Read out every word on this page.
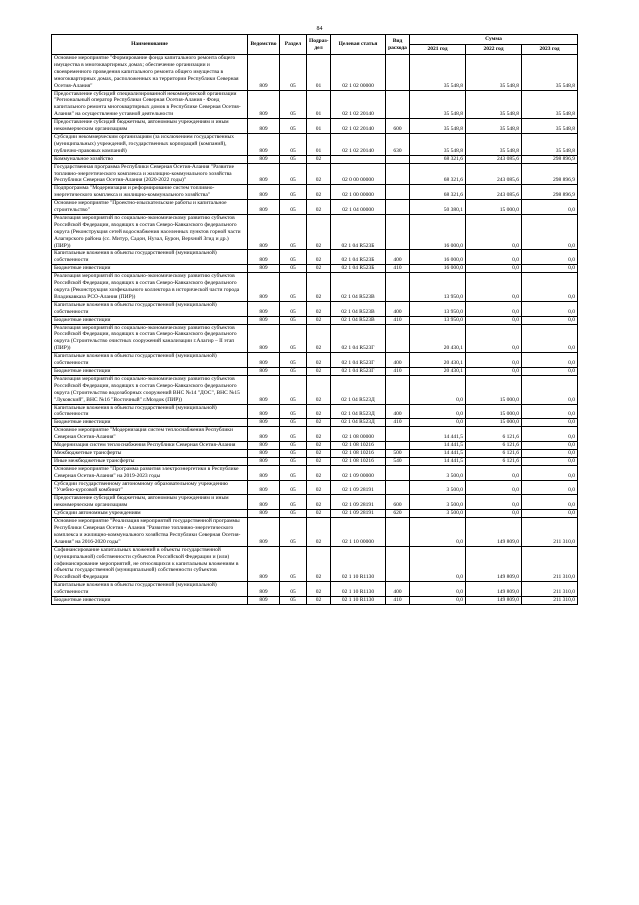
84
Наименование	Ведомство	Раздел	Подраз-
дел	Целевая статья	Вид расхода	Сумма		
						2021 год	2022 год	2023 год
Основное мероприятие "Формирование фонда капитального ремонта общего имущества в многоквартирных домах; обеспечение организации и своевременного проведения капитального ремонта общего имущества в многоквартирных домах, расположенных на территории Республики Северная Осетия-Алания"	809	05	01	02 1 02 00000		35 548,8	35 548,8	35 548,8
Предоставление субсидий специализированной некоммерческой организации "Региональный оператор Республики Северная Осетия-Алания - Фонд капитального ремонта многоквартирных домов в Республике Северная Осетия-Алания" на осуществление уставной деятельности	809	05	01	02 1 02 20140		35 548,8	35 548,8	35 548,8
Предоставление субсидий бюджетным, автономным учреждениям и иным некоммерческим организациям	809	05	01	02 1 02 20140	600	35 548,8	35 548,8	35 548,8
Субсидии некоммерческим организациям (за исключением государственных (муниципальных) учреждений, государственных корпораций (компаний), публично-правовых компаний)	809	05	01	02 1 02 20140	630	35 548,8	35 548,8	35 548,8
Коммунальное хозяйство	809	05	02			68 321,6	243 085,6	298 896,9
Государственная программа Республики Северная Осетия-Алания "Развитие топливно-энергетического комплекса и жилищно-коммунального хозяйства Республики Северная Осетия-Алания (2020-2022 годы)"	809	05	02	02 0 00 00000		68 321,6	243 085,6	298 896,9
Подпрограмма "Модернизация и реформирование систем топливно-энергетического комплекса и жилищно-коммунального хозяйства"	809	05	02	02 1 00 00000		68 321,6	243 085,6	298 896,9
Основное мероприятие "Проектно-изыскательские работы и капитальное строительство"	809	05	02	02 1 04 00000		50 380,1	15 000,0	0,0
Реализация мероприятий по социально-экономическому развитию субъектов Российской Федерации, входящих в состав Северо-Кавказского федерального округа (Реконструкция сетей водоснабжения населенных пунктов горной части Алагирского района (сс. Митур, Садон, Нузал, Бурон, Верхний Згид и др.) (ПИР))	809	05	02	02 1 04 R523Б		16 000,0	0,0	0,0
Капитальные вложения в объекты государственной (муниципальной) собственности	809	05	02	02 1 04 R523Б	400	16 000,0	0,0	0,0
Бюджетные инвестиции	809	05	02	02 1 04 R523Б	410	16 000,0	0,0	0,0
Реализация мероприятий по социально-экономическому развитию субъектов Российской Федерации, входящих в состав Северо-Кавказского федерального округа (Реконструкция хозфекального коллектора в исторической части города Владикавказа РСО-Алания (ПИР))	809	05	02	02 1 04 R523В		13 950,0	0,0	0,0
Капитальные вложения в объекты государственной (муниципальной) собственности	809	05	02	02 1 04 R523В	400	13 950,0	0,0	0,0
Бюджетные инвестиции	809	05	02	02 1 04 R523В	410	13 950,0	0,0	0,0
Реализация мероприятий по социально-экономическому развитию субъектов Российской Федерации, входящих в состав Северо-Кавказского федерального округа (Строительство очистных сооружений канализации г.Алагир – II этап (ПИР))	809	05	02	02 1 04 R523Г		20 430,1	0,0	0,0
Капитальные вложения в объекты государственной (муниципальной) собственности	809	05	02	02 1 04 R523Г	400	20 430,1	0,0	0,0
Бюджетные инвестиции	809	05	02	02 1 04 R523Г	410	20 430,1	0,0	0,0
Реализация мероприятий по социально-экономическому развитию субъектов Российской Федерации, входящих в состав Северо-Кавказского федерального округа (Строительство водозаборных сооружений ВНС №14 "ДОС", ВНС №15 "Луковский", ВНС №16 "Восточный" г.Моздок (ПИР))	809	05	02	02 1 04 R523Д		0,0	15 000,0	0,0
Капитальные вложения в объекты государственной (муниципальной) собственности	809	05	02	02 1 04 R523Д	400	0,0	15 000,0	0,0
Бюджетные инвестиции	809	05	02	02 1 04 R523Д	410	0,0	15 000,0	0,0
Основное мероприятие "Модернизация систем теплоснабжения Республики Северная Осетия-Алания"	809	05	02	02 1 08 00000		14 441,5	6 121,6	0,0
Модернизация систем теплоснабжения Республики Северная Осетия-Алания	809	05	02	02 1 08 10216		14 441,5	6 121,6	0,0
Межбюджетные трансферты	809	05	02	02 1 08 10216	500	14 441,5	6 121,6	0,0
Иные межбюджетные трансферты	809	05	02	02 1 08 10216	540	14 441,5	6 121,6	0,0
Основное мероприятие "Программа развития электроэнергетики в Республике Северная Осетия-Алания" на 2019-2023 годы	809	05	02	02 1 09 00000		3 500,0	0,0	0,0
Субсидии государственному автономному образовательному учреждению "Учебно-курсовой комбинат"	809	05	02	02 1 09 28191		3 500,0	0,0	0,0
Предоставление субсидий бюджетным, автономным учреждениям и иным некоммерческим организациям	809	05	02	02 1 09 28191	600	3 500,0	0,0	0,0
Субсидии автономным учреждениям	809	05	02	02 1 09 28191	620	3 500,0	0,0	0,0
Основное мероприятие "Реализация мероприятий государственной программы Республики Северная Осетия - Алания "Развитие топливно-энергетического комплекса и жилищно-коммунального хозяйства Республики Северная Осетия-Алания" на 2016-2020 годы"	809	05	02	02 1 10 00000		0,0	149 809,0	211 310,0
Софинансирование капитальных вложений в объекты государственной (муниципальной) собственности субъектов Российской Федерации и (или) софинансирование мероприятий, не относящихся к капитальным вложениям в объекты государственной (муниципальной) собственности субъектов Российской Федерации	809	05	02	02 1 10 R1130		0,0	149 809,0	211 310,0
Капитальные вложения в объекты государственной (муниципальной) собственности	809	05	02	02 1 10 R1130	400	0,0	149 809,0	211 310,0
Бюджетные инвестиции	809	05	02	02 1 10 R1130	410	0,0	149 809,0	211 310,0
